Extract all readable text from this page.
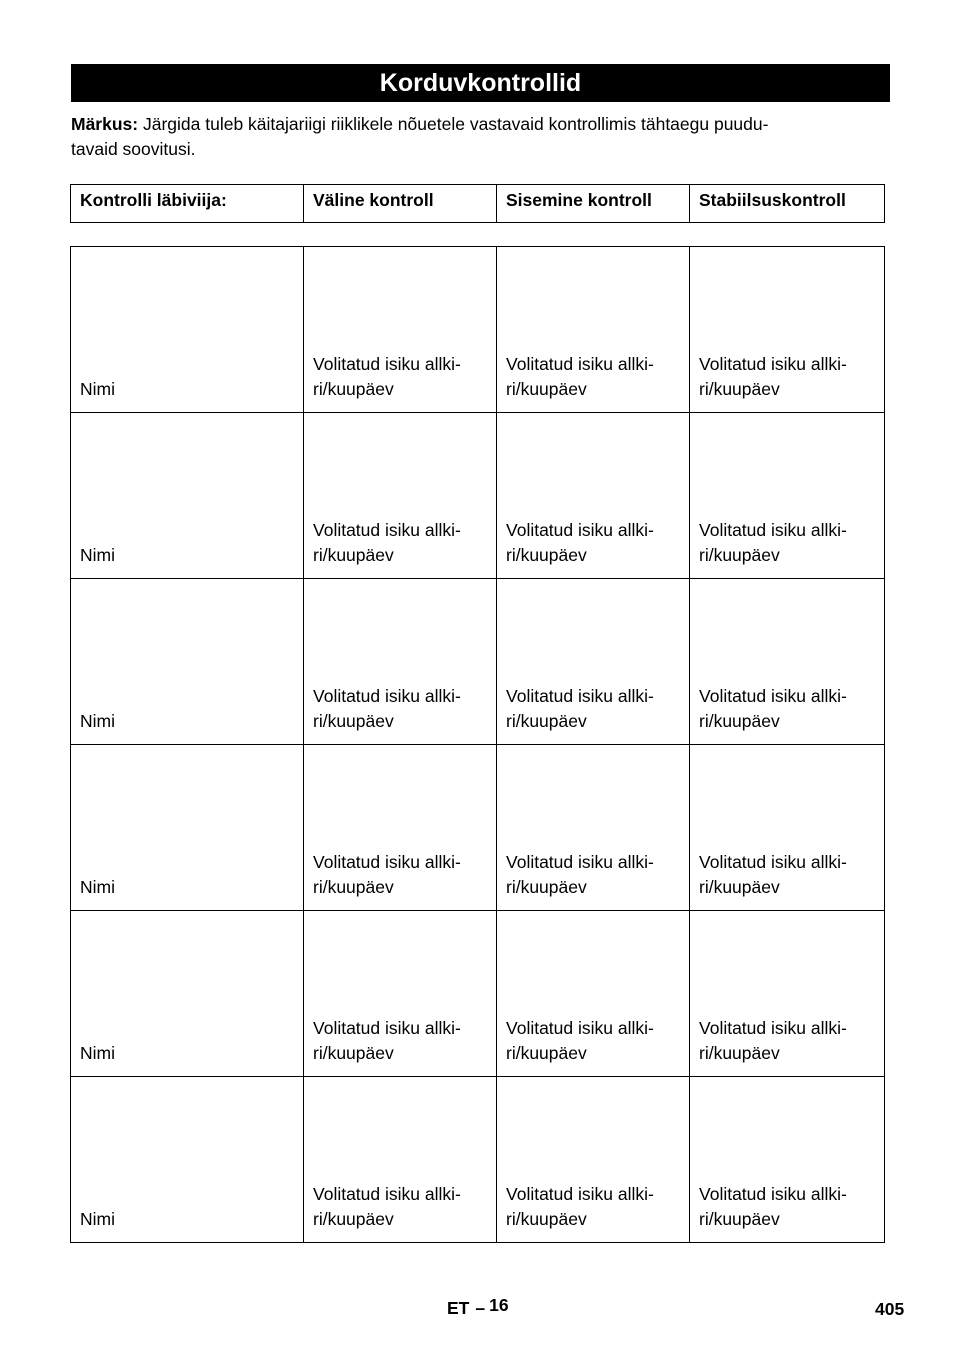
Korduvkontrollid

Märkus: Järgida tuleb käitajariigi riiklikele nõuetele vastavaid kontrollimis tähtaegu puudu-
tavaid soovitusi.

Kontrolli läbiviija:	Väline kontroll	Sisemine kontroll	Stabiilsuskontroll
Nimi	Volitatud isiku allki-
ri/kuupäev	Volitatud isiku allki-
ri/kuupäev	Volitatud isiku allki-
ri/kuupäev

Nimi	Volitatud isiku allki-
ri/kuupäev	Volitatud isiku allki-
ri/kuupäev	Volitatud isiku allki-
ri/kuupäev

Nimi	Volitatud isiku allki-
ri/kuupäev	Volitatud isiku allki-
ri/kuupäev	Volitatud isiku allki-
ri/kuupäev

Nimi	Volitatud isiku allki-
ri/kuupäev	Volitatud isiku allki-
ri/kuupäev	Volitatud isiku allki-
ri/kuupäev

Nimi	Volitatud isiku allki-
ri/kuupäev	Volitatud isiku allki-
ri/kuupäev	Volitatud isiku allki-
ri/kuupäev

Nimi	Volitatud isiku allki-
ri/kuupäev	Volitatud isiku allki-
ri/kuupäev	Volitatud isiku allki-
ri/kuupäev
ET – 16	405
